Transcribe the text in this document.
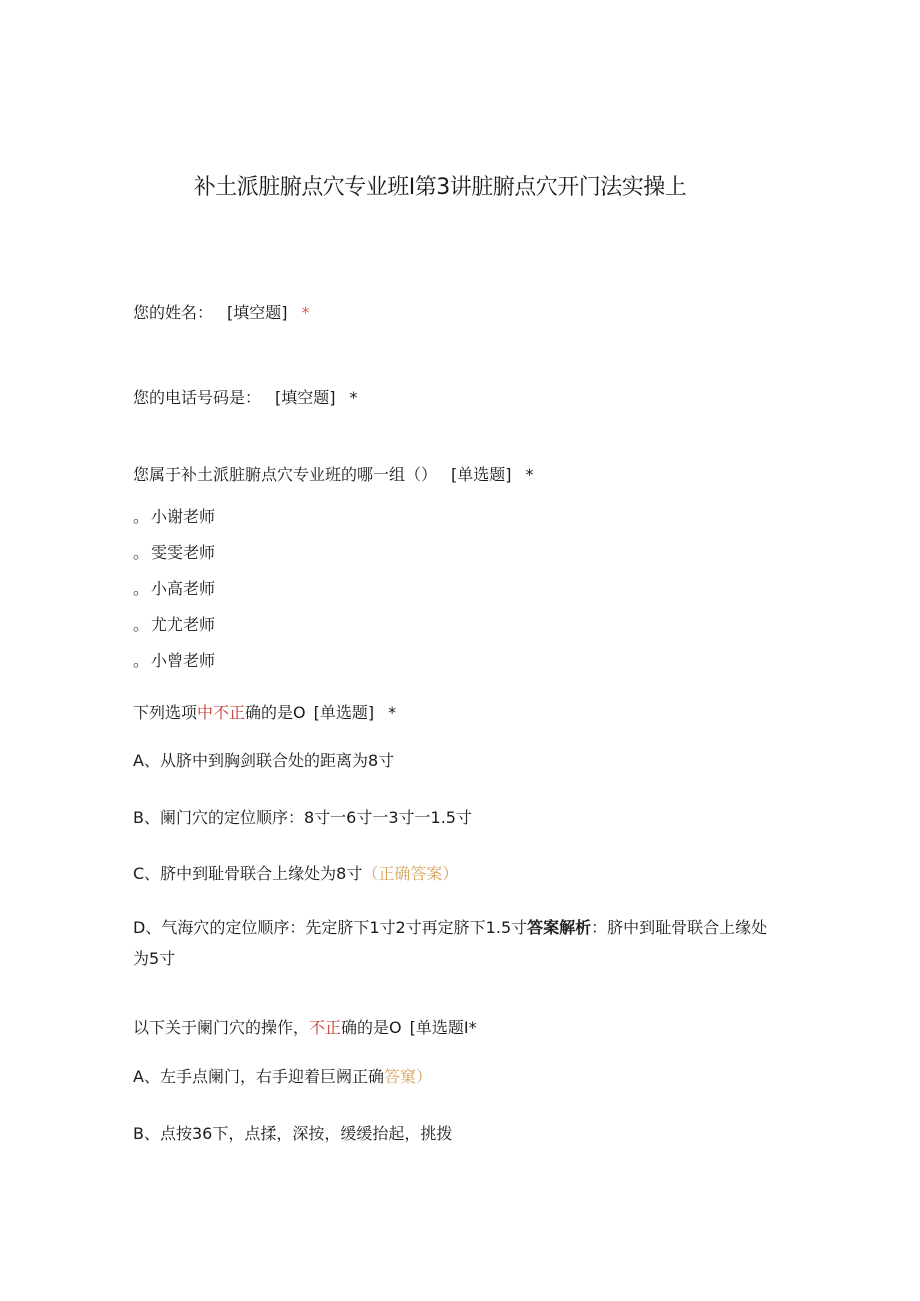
补土派脏腑点穴专业班I第3讲脏腑点穴开门法实操上
您的姓名： [填空题] *
您的电话号码是： [填空题] *
您属于补土派脏腑点穴专业班的哪一组（） [单选题] *
。 小谢老师
。 雯雯老师
。 小高老师
。 尤尤老师
。 小曾老师
下列选项中不正确的是O [单选题] *
A、从脐中到胸剑联合处的距离为8寸
B、阑门穴的定位顺序：8寸一6寸一3寸一1.5寸
C、脐中到耻骨联合上缘处为8寸（正确答案）
D、气海穴的定位顺序：先定脐下1寸2寸再定脐下1.5寸答案解析：脐中到耻骨联合上缘处为5寸
以下关于阑门穴的操作，不正确的是O [单选题I*
A、左手点阑门，右手迎着巨阙正确答窠）
B、点按36下，点揉，深按，缓缓抬起，挑拨
